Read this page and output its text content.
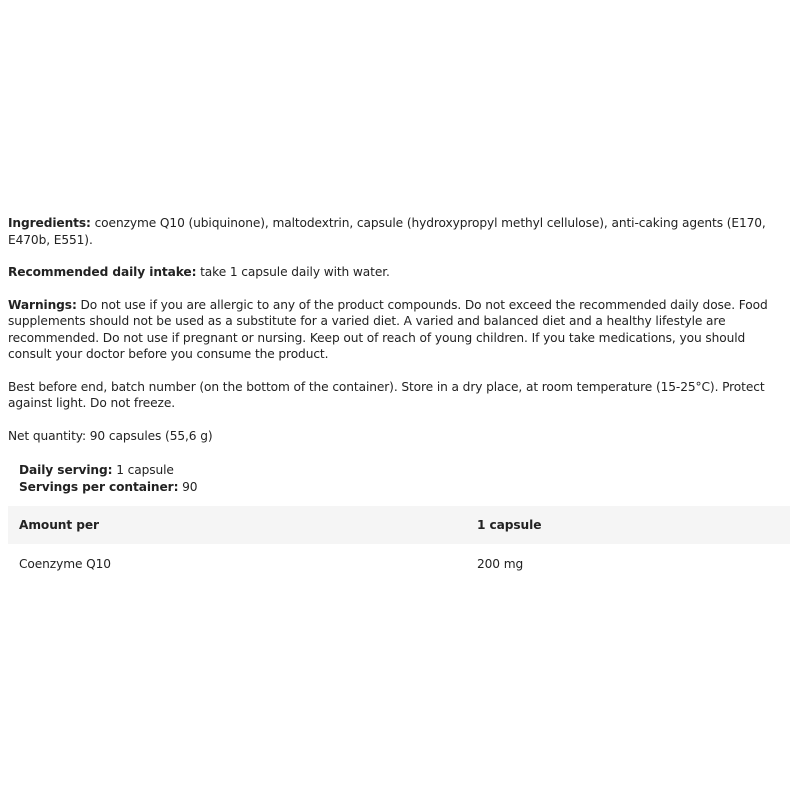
Ingredients: coenzyme Q10 (ubiquinone), maltodextrin, capsule (hydroxypropyl methyl cellulose), anti-caking agents (E170, E470b, E551).

Recommended daily intake: take 1 capsule daily with water.

Warnings: Do not use if you are allergic to any of the product compounds. Do not exceed the recommended daily dose. Food supplements should not be used as a substitute for a varied diet. A varied and balanced diet and a healthy lifestyle are recommended. Do not use if pregnant or nursing. Keep out of reach of young children. If you take medications, you should consult your doctor before you consume the product.

Best before end, batch number (on the bottom of the container). Store in a dry place, at room temperature (15-25°C). Protect against light. Do not freeze.

Net quantity: 90 capsules (55,6 g)

Daily serving: 1 capsule
Servings per container: 90
Amount per	1 capsule
Coenzyme Q10	200 mg
